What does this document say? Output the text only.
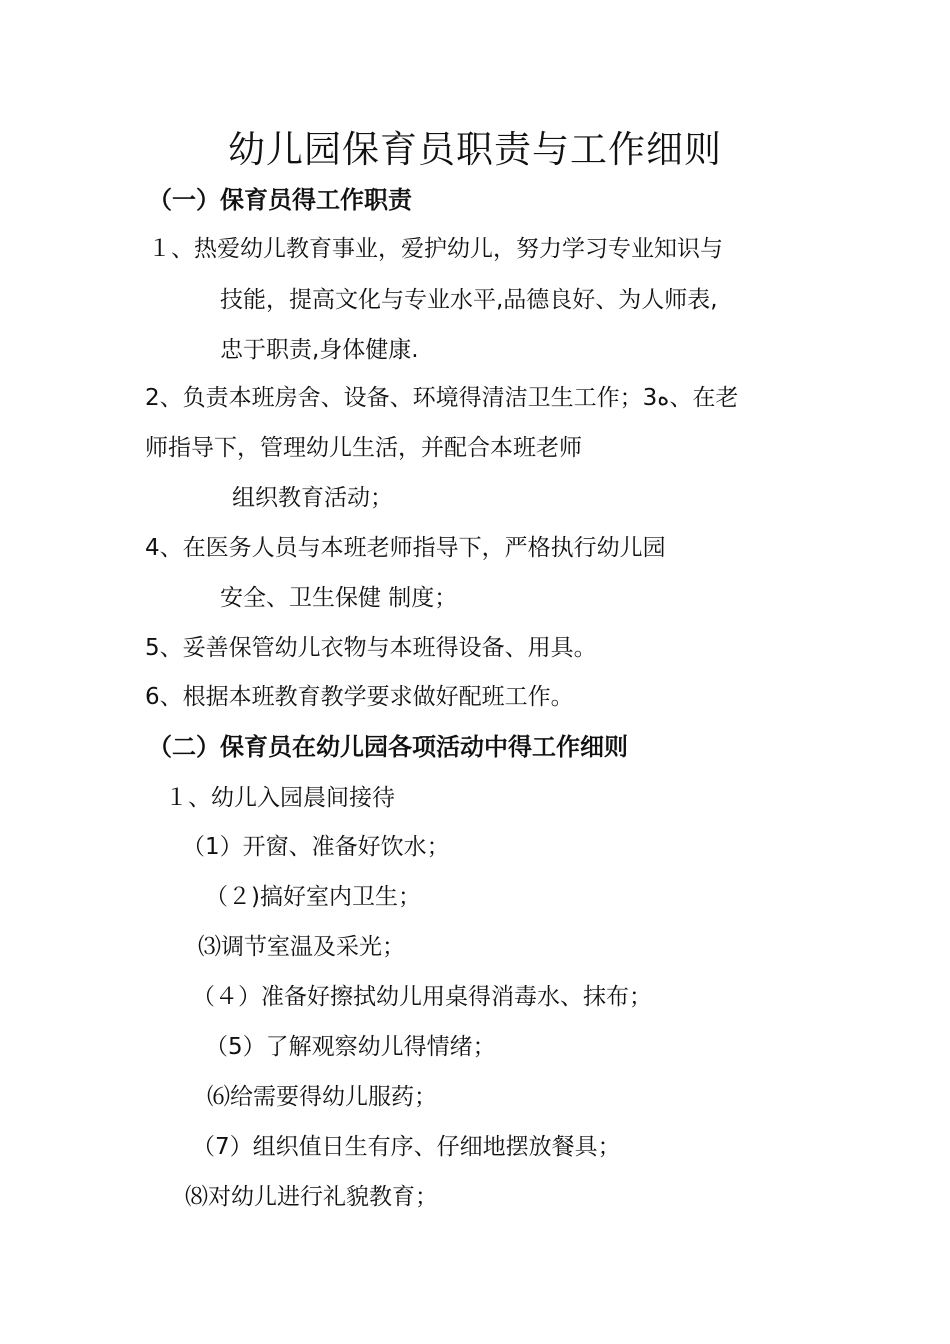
幼儿园保育员职责与工作细则
（一）保育员得工作职责
１、热爱幼儿教育事业，爱护幼儿，努力学习专业知识与
技能，提高文化与专业水平,品德良好、为人师表,
忠于职责,身体健康.
2、负责本班房舍、设备、环境得清洁卫生工作；3ﻩ、在老
师指导下，管理幼儿生活，并配合本班老师
组织教育活动；
4、在医务人员与本班老师指导下，严格执行幼儿园
安全、卫生保健 制度；
5、妥善保管幼儿衣物与本班得设备、用具。
6、根据本班教育教学要求做好配班工作。
（二）保育员在幼儿园各项活动中得工作细则
１、幼儿入园晨间接待
（1）开窗、准备好饮水；
（２)搞好室内卫生；
⑶调节室温及采光；
（４）准备好擦拭幼儿用桌得消毒水、抹布；
（5）了解观察幼儿得情绪；
⑹给需要得幼儿服药；
（7）组织值日生有序、仔细地摆放餐具；
⑻对幼儿进行礼貌教育；
